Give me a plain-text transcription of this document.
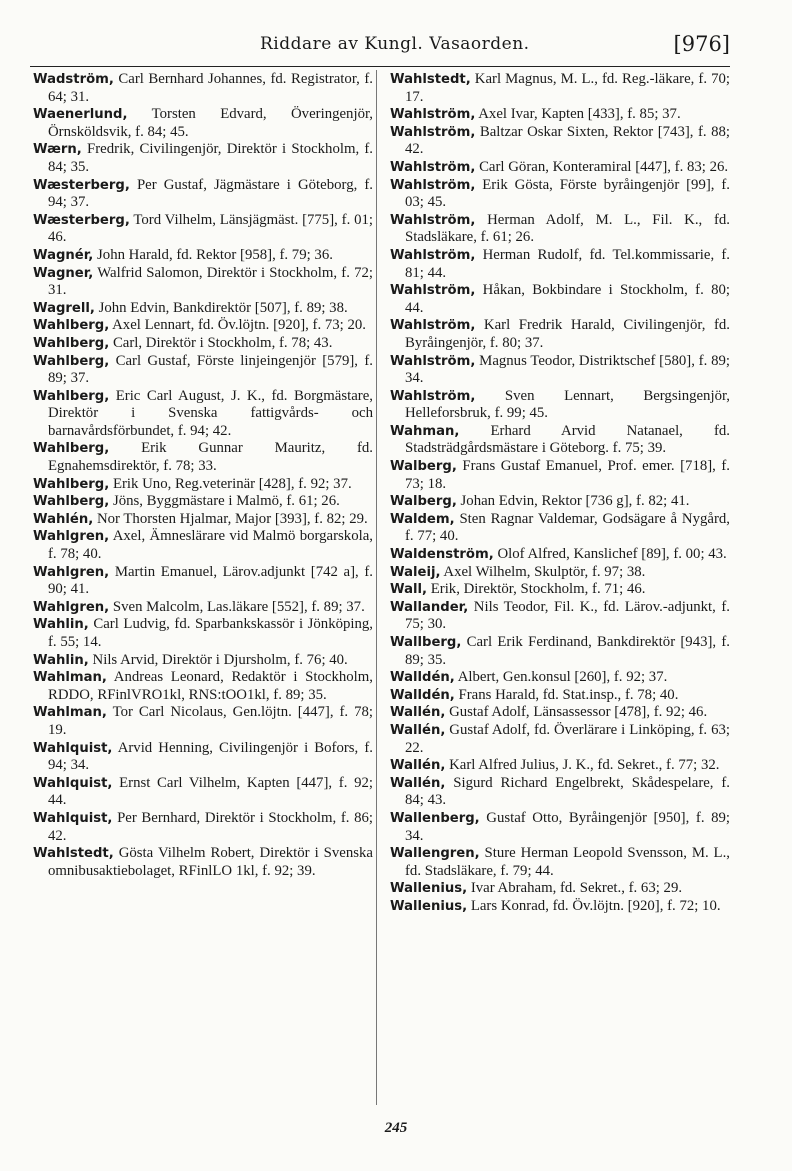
Riddare av Kungl. Vasaorden.	[976]

Wadström, Carl Bernhard Johannes, fd. Registrator, f. 64; 31.

Waenerlund, Torsten Edvard, Överingenjör, Örnsköldsvik, f. 84; 45.

Wærn, Fredrik, Civilingenjör, Direktör i Stockholm, f. 84; 35.

Wæsterberg, Per Gustaf, Jägmästare i Göteborg, f. 94; 37.

Wæsterberg, Tord Vilhelm, Länsjägmäst. [775], f. 01; 46.

Wagnér, John Harald, fd. Rektor [958], f. 79; 36.

Wagner, Walfrid Salomon, Direktör i Stockholm, f. 72; 31.

Wagrell, John Edvin, Bankdirektör [507], f. 89; 38.

Wahlberg, Axel Lennart, fd. Öv.löjtn. [920], f. 73; 20.

Wahlberg, Carl, Direktör i Stockholm, f. 78; 43.

Wahlberg, Carl Gustaf, Förste linjeingenjör [579], f. 89; 37.

Wahlberg, Eric Carl August, J. K., fd. Borgmästare, Direktör i Svenska fattigvårds- och barnavårdsförbundet, f. 94; 42.

Wahlberg, Erik Gunnar Mauritz, fd. Egnahemsdirektör, f. 78; 33.

Wahlberg, Erik Uno, Reg.veterinär [428], f. 92; 37.

Wahlberg, Jöns, Byggmästare i Malmö, f. 61; 26.

Wahlén, Nor Thorsten Hjalmar, Major [393], f. 82; 29.

Wahlgren, Axel, Ämneslärare vid Malmö borgarskola, f. 78; 40.

Wahlgren, Martin Emanuel, Lärov.adjunkt [742 a], f. 90; 41.

Wahlgren, Sven Malcolm, Las.läkare [552], f. 89; 37.

Wahlin, Carl Ludvig, fd. Sparbankskassör i Jönköping, f. 55; 14.

Wahlin, Nils Arvid, Direktör i Djursholm, f. 76; 40.

Wahlman, Andreas Leonard, Redaktör i Stockholm, RDDO, RFinlVRO1kl, RNS:tOO1kl, f. 89; 35.

Wahlman, Tor Carl Nicolaus, Gen.löjtn. [447], f. 78; 19.

Wahlquist, Arvid Henning, Civilingenjör i Bofors, f. 94; 34.

Wahlquist, Ernst Carl Vilhelm, Kapten [447], f. 92; 44.

Wahlquist, Per Bernhard, Direktör i Stockholm, f. 86; 42.

Wahlstedt, Gösta Vilhelm Robert, Direktör i Svenska omnibusaktiebolaget, RFinlLO 1kl, f. 92; 39.

Wahlstedt, Karl Magnus, M. L., fd. Reg.-läkare, f. 70; 17.

Wahlström, Axel Ivar, Kapten [433], f. 85; 37.

Wahlström, Baltzar Oskar Sixten, Rektor [743], f. 88; 42.

Wahlström, Carl Göran, Konteramiral [447], f. 83; 26.

Wahlström, Erik Gösta, Förste byråingenjör [99], f. 03; 45.

Wahlström, Herman Adolf, M. L., Fil. K., fd. Stadsläkare, f. 61; 26.

Wahlström, Herman Rudolf, fd. Tel.kommissarie, f. 81; 44.

Wahlström, Håkan, Bokbindare i Stockholm, f. 80; 44.

Wahlström, Karl Fredrik Harald, Civilingenjör, fd. Byråingenjör, f. 80; 37.

Wahlström, Magnus Teodor, Distriktschef [580], f. 89; 34.

Wahlström, Sven Lennart, Bergsingenjör, Helleforsbruk, f. 99; 45.

Wahman, Erhard Arvid Natanael, fd. Stadsträdgårdsmästare i Göteborg. f. 75; 39.

Walberg, Frans Gustaf Emanuel, Prof. emer. [718], f. 73; 18.

Walberg, Johan Edvin, Rektor [736 g], f. 82; 41.

Waldem, Sten Ragnar Valdemar, Godsägare å Nygård, f. 77; 40.

Waldenström, Olof Alfred, Kanslichef [89], f. 00; 43.

Waleij, Axel Wilhelm, Skulptör, f. 97; 38.

Wall, Erik, Direktör, Stockholm, f. 71; 46.

Wallander, Nils Teodor, Fil. K., fd. Lärov.-adjunkt, f. 75; 30.

Wallberg, Carl Erik Ferdinand, Bankdirektör [943], f. 89; 35.

Walldén, Albert, Gen.konsul [260], f. 92; 37.

Walldén, Frans Harald, fd. Stat.insp., f. 78; 40.

Wallén, Gustaf Adolf, Länsassessor [478], f. 92; 46.

Wallén, Gustaf Adolf, fd. Överlärare i Linköping, f. 63; 22.

Wallén, Karl Alfred Julius, J. K., fd. Sekret., f. 77; 32.

Wallén, Sigurd Richard Engelbrekt, Skådespelare, f. 84; 43.

Wallenberg, Gustaf Otto, Byråingenjör [950], f. 89; 34.

Wallengren, Sture Herman Leopold Svensson, M. L., fd. Stadsläkare, f. 79; 44.

Wallenius, Ivar Abraham, fd. Sekret., f. 63; 29.

Wallenius, Lars Konrad, fd. Öv.löjtn. [920], f. 72; 10.

245
